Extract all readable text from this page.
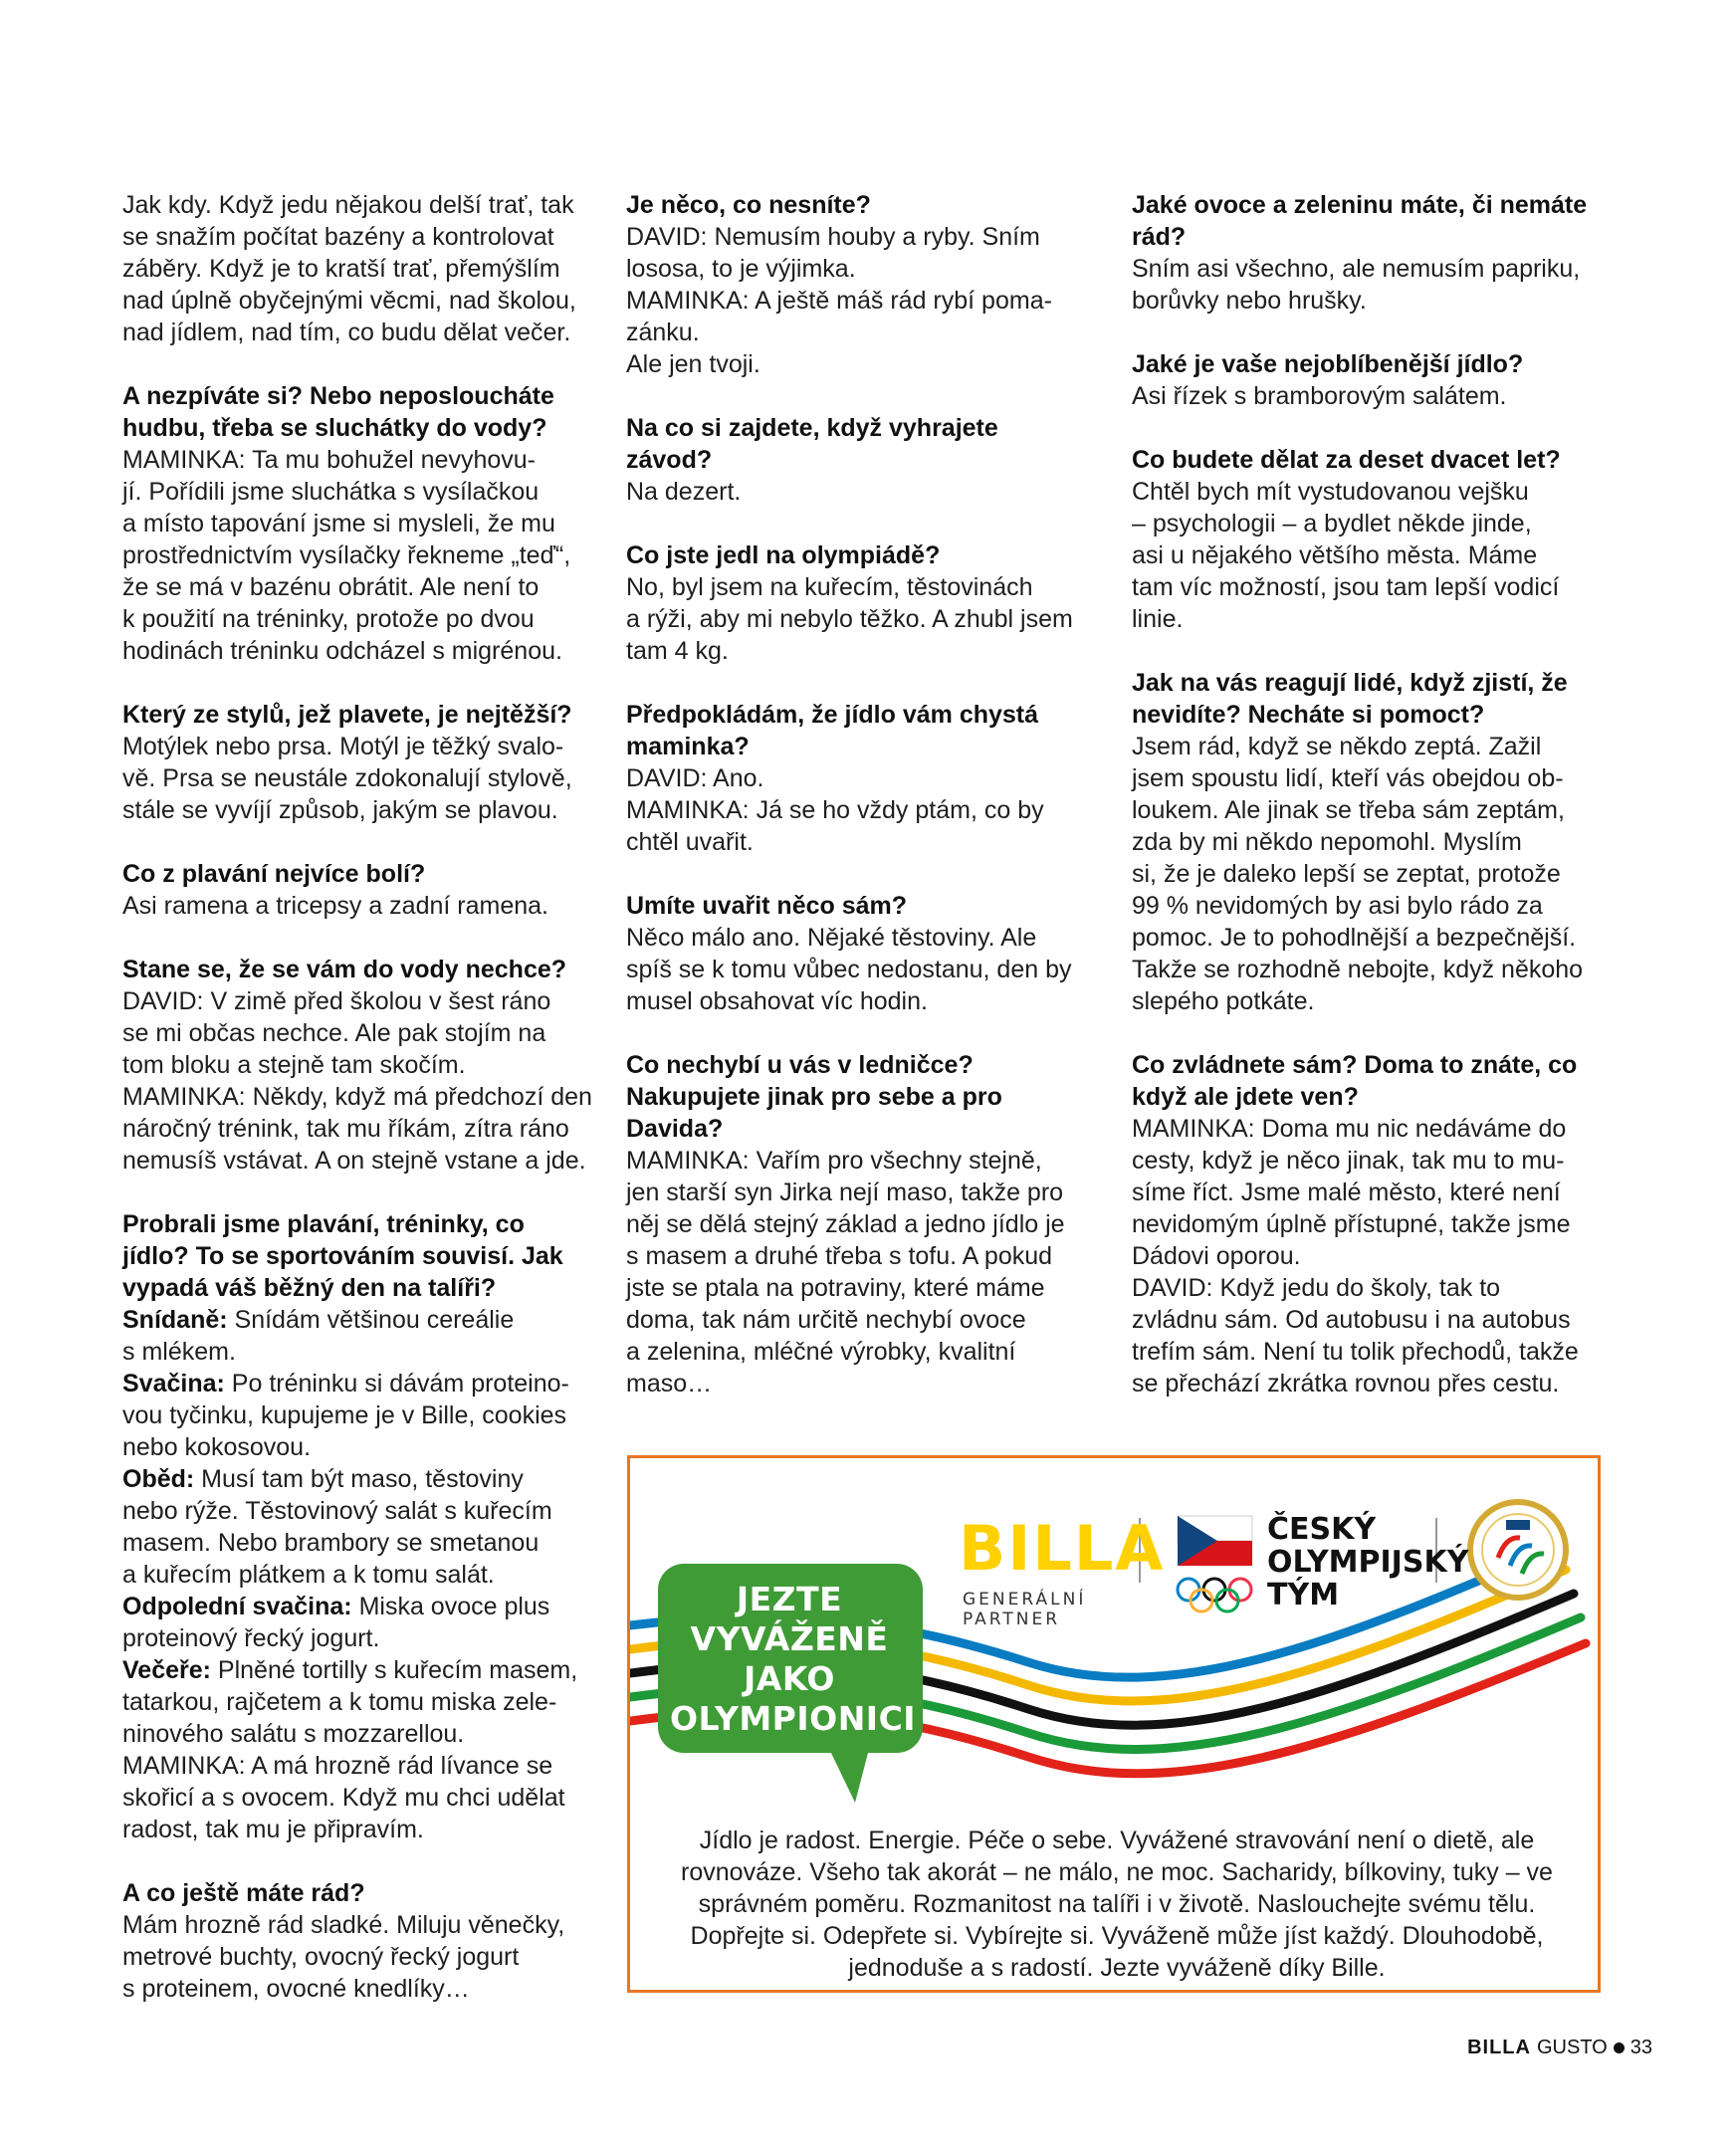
Jak kdy. Když jedu nějakou delší trať, tak
se snažím počítat bazény a kontrolovat
záběry. Když je to kratší trať, přemýšlím
nad úplně obyčejnými věcmi, nad školou,
nad jídlem, nad tím, co budu dělat večer.
A nezpíváte si? Nebo neposloucháte
hudbu, třeba se sluchátky do vody?
MAMINKA: Ta mu bohužel nevyhovu-
jí. Pořídili jsme sluchátka s vysílačkou
a místo tapování jsme si mysleli, že mu
prostřednictvím vysílačky řekneme „teď“,
že se má v bazénu obrátit. Ale není to
k použití na tréninky, protože po dvou
hodinách tréninku odcházel s migrénou.
Který ze stylů, jež plavete, je nejtěžší?
Motýlek nebo prsa. Motýl je těžký svalo-
vě. Prsa se neustále zdokonalují stylově,
stále se vyvíjí způsob, jakým se plavou.
Co z plavání nejvíce bolí?
Asi ramena a tricepsy a zadní ramena.
Stane se, že se vám do vody nechce?
DAVID: V zimě před školou v šest ráno
se mi občas nechce. Ale pak stojím na
tom bloku a stejně tam skočím.
MAMINKA: Někdy, když má předchozí den
náročný trénink, tak mu říkám, zítra ráno
nemusíš vstávat. A on stejně vstane a jde.
Probrali jsme plavání, tréninky, co
jídlo? To se sportováním souvisí. Jak
vypadá váš běžný den na talíři?
Snídaně: Snídám většinou cereálie
s mlékem.
Svačina: Po tréninku si dávám proteino-
vou tyčinku, kupujeme je v Bille, cookies
nebo kokosovou.
Oběd: Musí tam být maso, těstoviny
nebo rýže. Těstovinový salát s kuřecím
masem. Nebo brambory se smetanou
a kuřecím plátkem a k tomu salát.
Odpolední svačina: Miska ovoce plus
proteinový řecký jogurt.
Večeře: Plněné tortilly s kuřecím masem,
tatarkou, rajčetem a k tomu miska zele-
ninového salátu s mozzarellou.
MAMINKA: A má hrozně rád lívance se
skořicí a s ovocem. Když mu chci udělat
radost, tak mu je připravím.
A co ještě máte rád?
Mám hrozně rád sladké. Miluju věnečky,
metrové buchty, ovocný řecký jogurt
s proteinem, ovocné knedlíky…
Je něco, co nesníte?
DAVID: Nemusím houby a ryby. Sním
lososa, to je výjimka.
MAMINKA: A ještě máš rád rybí poma-
zánku.
Ale jen tvoji.
Na co si zajdete, když vyhrajete
závod?
Na dezert.
Co jste jedl na olympiádě?
No, byl jsem na kuřecím, těstovinách
a rýži, aby mi nebylo těžko. A zhubl jsem
tam 4 kg.
Předpokládám, že jídlo vám chystá
maminka?
DAVID: Ano.
MAMINKA: Já se ho vždy ptám, co by
chtěl uvařit.
Umíte uvařit něco sám?
Něco málo ano. Nějaké těstoviny. Ale
spíš se k tomu vůbec nedostanu, den by
musel obsahovat víc hodin.
Co nechybí u vás v ledničce?
Nakupujete jinak pro sebe a pro
Davida?
MAMINKA: Vařím pro všechny stejně,
jen starší syn Jirka nejí maso, takže pro
něj se dělá stejný základ a jedno jídlo je
s masem a druhé třeba s tofu. A pokud
jste se ptala na potraviny, které máme
doma, tak nám určitě nechybí ovoce
a zelenina, mléčné výrobky, kvalitní
maso…
Jaké ovoce a zeleninu máte, či nemáte
rád?
Sním asi všechno, ale nemusím papriku,
borůvky nebo hrušky.
Jaké je vaše nejoblíbenější jídlo?
Asi řízek s bramborovým salátem.
Co budete dělat za deset dvacet let?
Chtěl bych mít vystudovanou vejšku
– psychologii – a bydlet někde jinde,
asi u nějakého většího města. Máme
tam víc možností, jsou tam lepší vodicí
linie.
Jak na vás reagují lidé, když zjistí, že
nevidíte? Necháte si pomoct?
Jsem rád, když se někdo zeptá. Zažil
jsem spoustu lidí, kteří vás obejdou ob-
loukem. Ale jinak se třeba sám zeptám,
zda by mi někdo nepomohl. Myslím
si, že je daleko lepší se zeptat, protože
99 % nevidomých by asi bylo rádo za
pomoc. Je to pohodlnější a bezpečnější.
Takže se rozhodně nebojte, když někoho
slepého potkáte.
Co zvládnete sám? Doma to znáte, co
když ale jdete ven?
MAMINKA: Doma mu nic nedáváme do
cesty, když je něco jinak, tak mu to mu-
síme říct. Jsme malé město, které není
nevidomým úplně přístupné, takže jsme
Dádovi oporou.
DAVID: Když jedu do školy, tak to
zvládnu sám. Od autobusu i na autobus
trefím sám. Není tu tolik přechodů, takže
se přechází zkrátka rovnou přes cestu.
JEZTE
VYVÁŽENĚ
JAKO
OLYMPIONICI
BILLA
GENERÁLNÍ
PARTNER
ČESKÝ
OLYMPIJSKÝ
TÝM
Jídlo je radost. Energie. Péče o sebe. Vyvážené stravování není o dietě, ale
rovnováze. Všeho tak akorát – ne málo, ne moc. Sacharidy, bílkoviny, tuky – ve
správném poměru. Rozmanitost na talíři i v životě. Naslouchejte svému tělu.
Dopřejte si. Odepřete si. Vybírejte si. Vyváženě může jíst každý. Dlouhodobě,
jednoduše a s radostí. Jezte vyváženě díky Bille.
BILLA GUSTO 33
